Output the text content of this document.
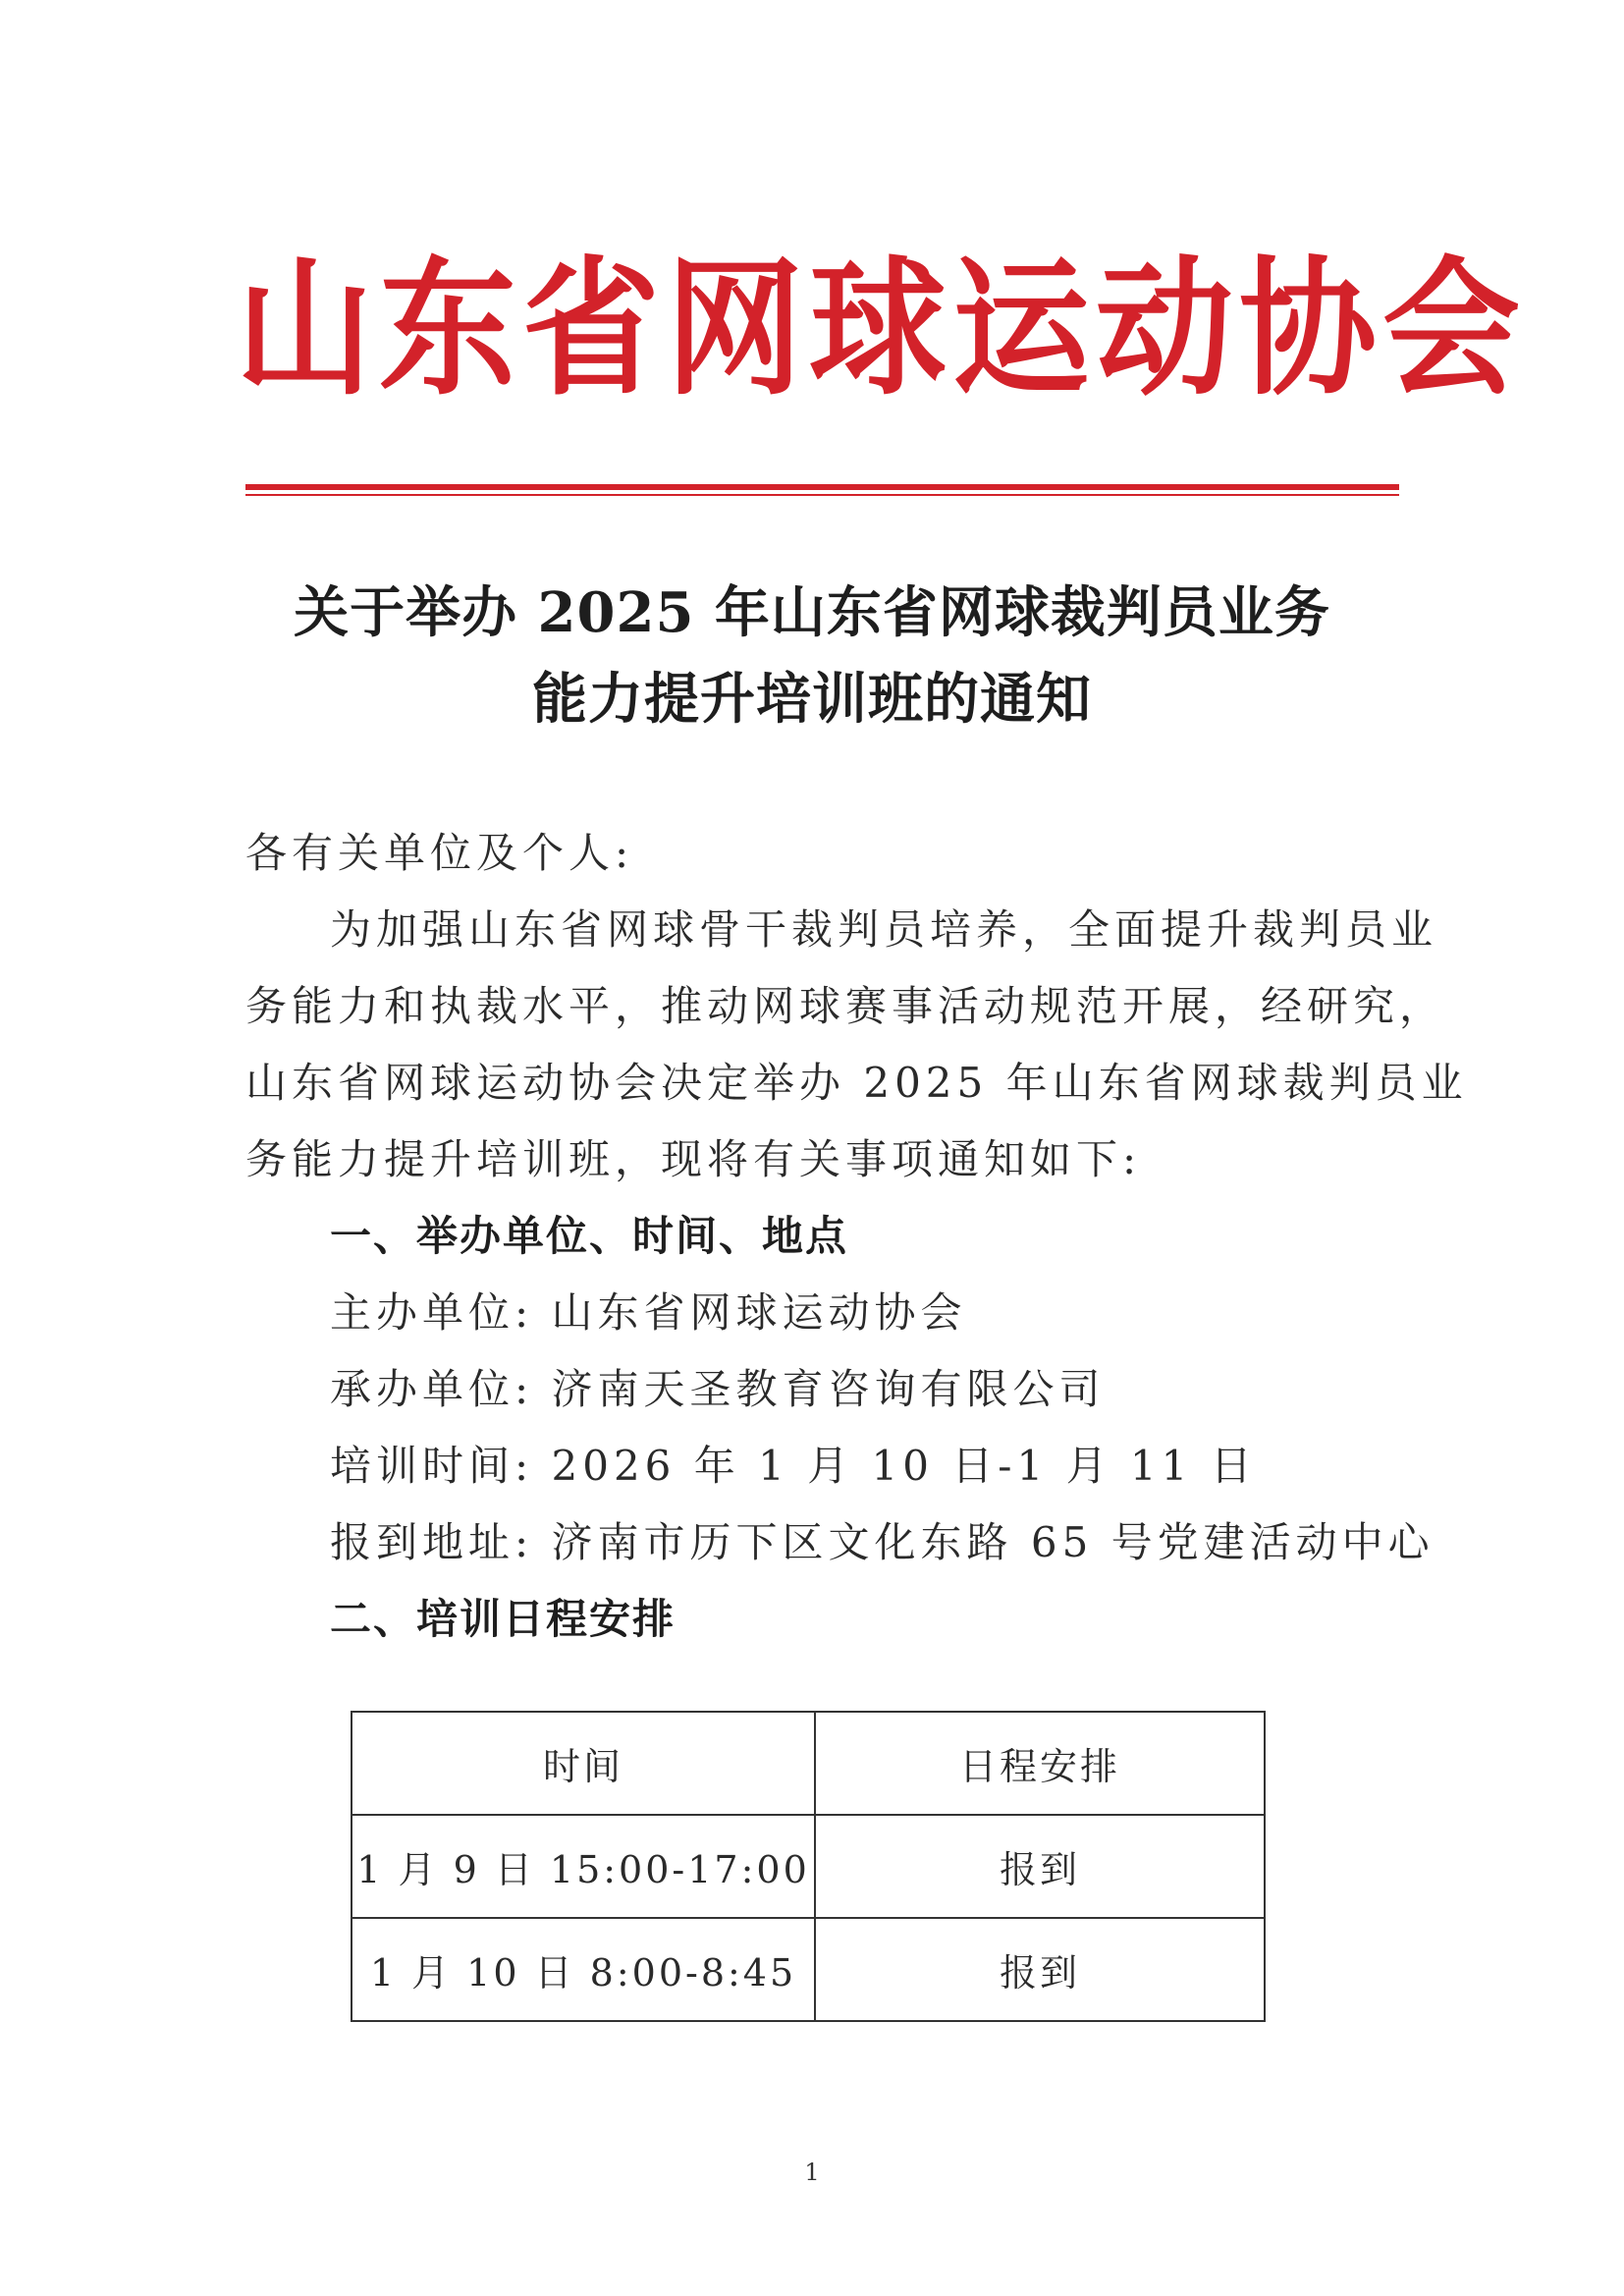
山东省网球运动协会
关于举办 2025 年山东省网球裁判员业务
能力提升培训班的通知
各有关单位及个人:
为加强山东省网球骨干裁判员培养，全面提升裁判员业
务能力和执裁水平，推动网球赛事活动规范开展，经研究，
山东省网球运动协会决定举办 2025 年山东省网球裁判员业
务能力提升培训班，现将有关事项通知如下:
一、举办单位、时间、地点
主办单位: 山东省网球运动协会
承办单位: 济南天圣教育咨询有限公司
培训时间: 2026 年 1 月 10 日-1 月 11 日
报到地址: 济南市历下区文化东路 65 号党建活动中心
二、培训日程安排
时间	日程安排
1 月 9 日 15:00-17:00	报到
1 月 10 日 8:00-8:45	报到
1
